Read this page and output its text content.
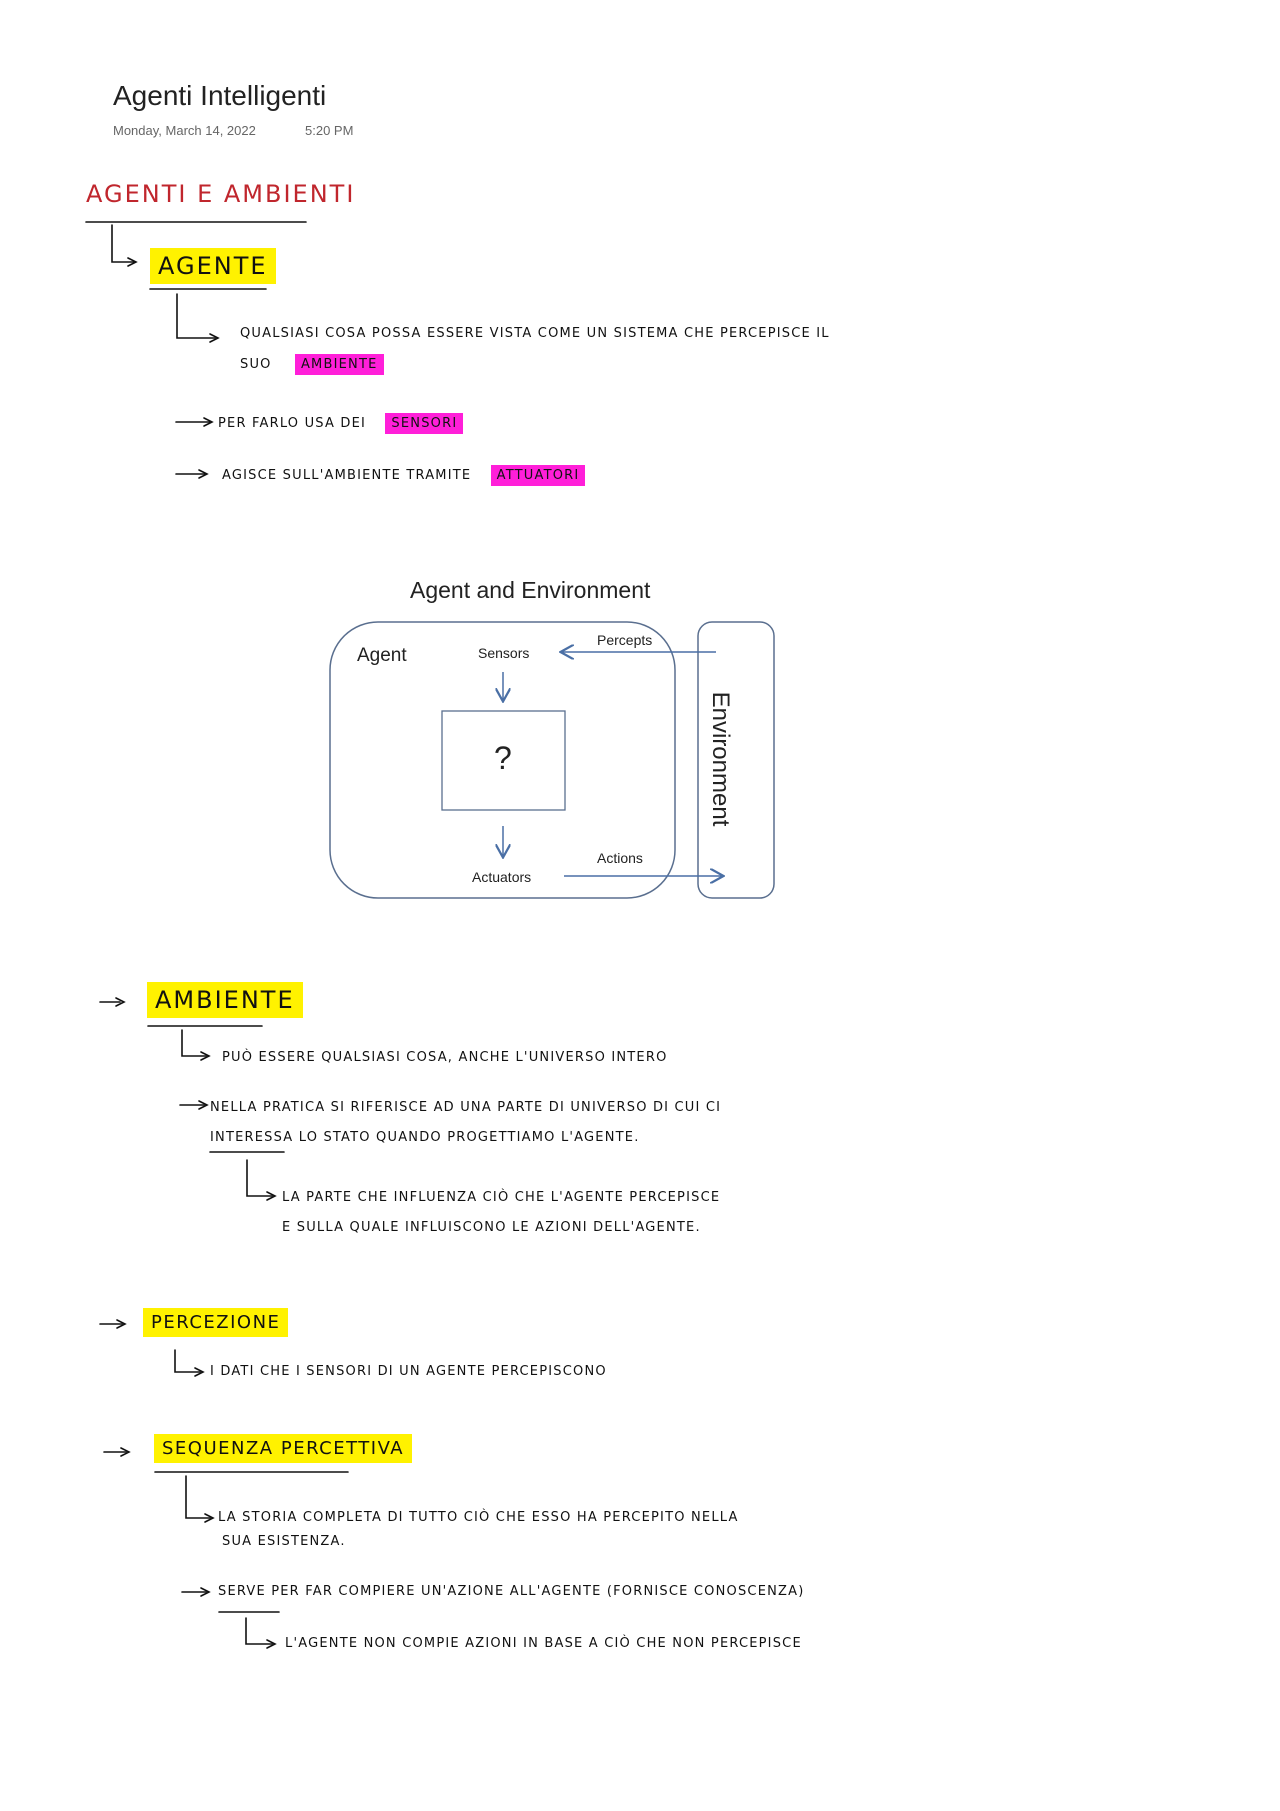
Agenti Intelligenti
Monday, March 14, 2022	5:20 PM
AGENTI E AMBIENTI
AGENTE
QUALSIASI COSA POSSA ESSERE VISTA COME UN SISTEMA CHE PERCEPISCE IL
SUO AMBIENTE
PER FARLO USA DEI SENSORI
AGISCE SULL'AMBIENTE TRAMITE ATTUATORI
Agent and Environment
Agent	Sensors
Percepts
?
Actuators
Actions
Environment
AMBIENTE
PUÒ ESSERE QUALSIASI COSA, ANCHE L'UNIVERSO INTERO
NELLA PRATICA SI RIFERISCE AD UNA PARTE DI UNIVERSO DI CUI CI
INTERESSA LO STATO QUANDO PROGETTIAMO L'AGENTE.
LA PARTE CHE INFLUENZA CIÒ CHE L'AGENTE PERCEPISCE
E SULLA QUALE INFLUISCONO LE AZIONI DELL'AGENTE.
PERCEZIONE
I DATI CHE I SENSORI DI UN AGENTE PERCEPISCONO
SEQUENZA PERCETTIVA
LA STORIA COMPLETA DI TUTTO CIÒ CHE ESSO HA PERCEPITO NELLA
SUA ESISTENZA.
SERVE PER FAR COMPIERE UN'AZIONE ALL'AGENTE (FORNISCE CONOSCENZA)
L'AGENTE NON COMPIE AZIONI IN BASE A CIÒ CHE NON PERCEPISCE
